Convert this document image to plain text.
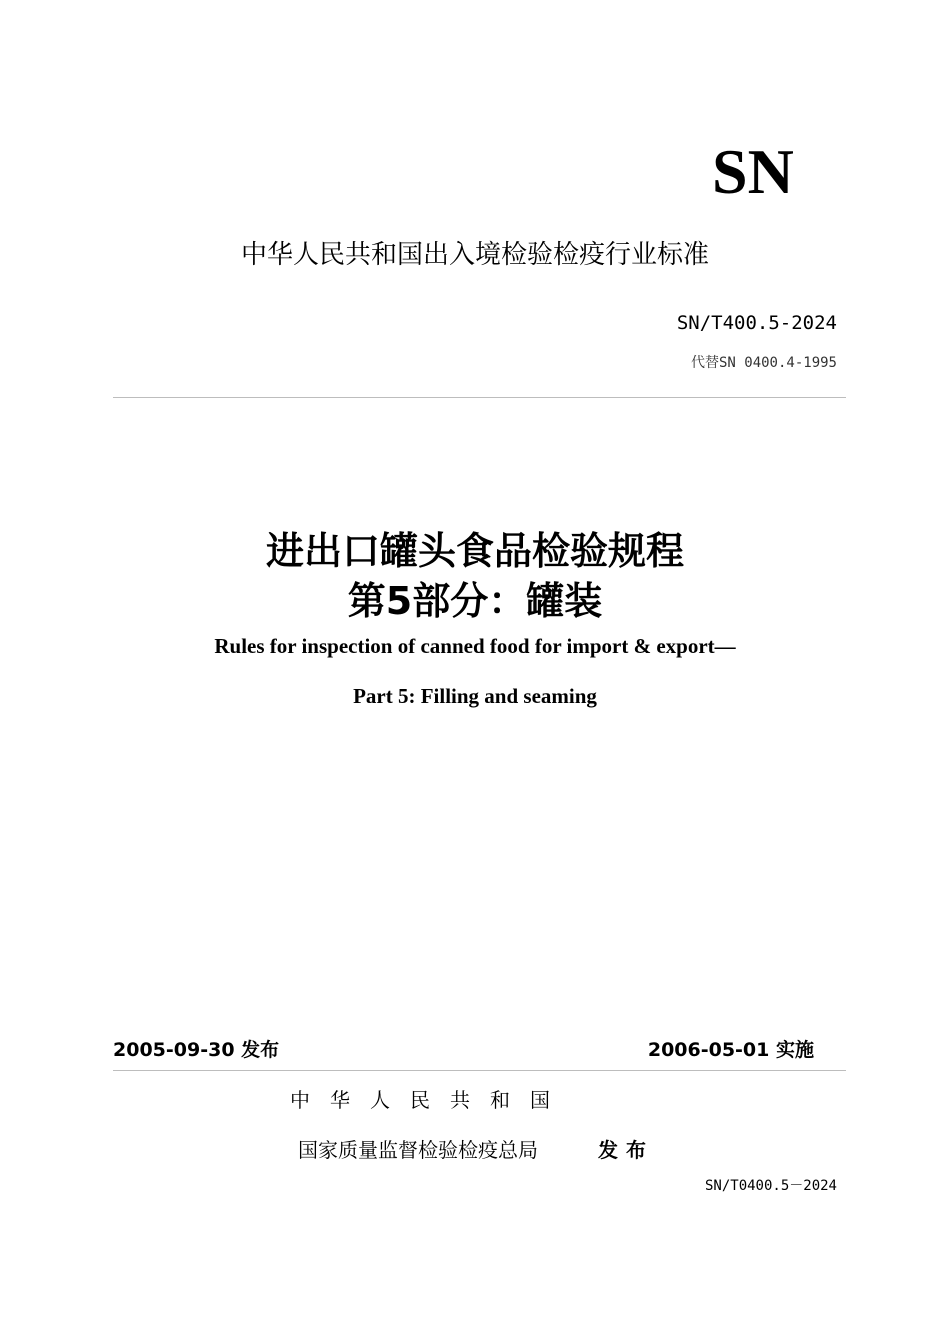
SN
中华人民共和国出入境检验检疫行业标准
SN/T400.5-2024
代替SN 0400.4-1995
进出口罐头食品检验规程
第5部分：罐装
Rules for inspection of canned food for import & export—
Part 5: Filling and seaming
2005-09-30 发布	2006-05-01 实施
中华人民共和国
国家质量监督检验检疫总局	发布
SN/T0400.5－2024
